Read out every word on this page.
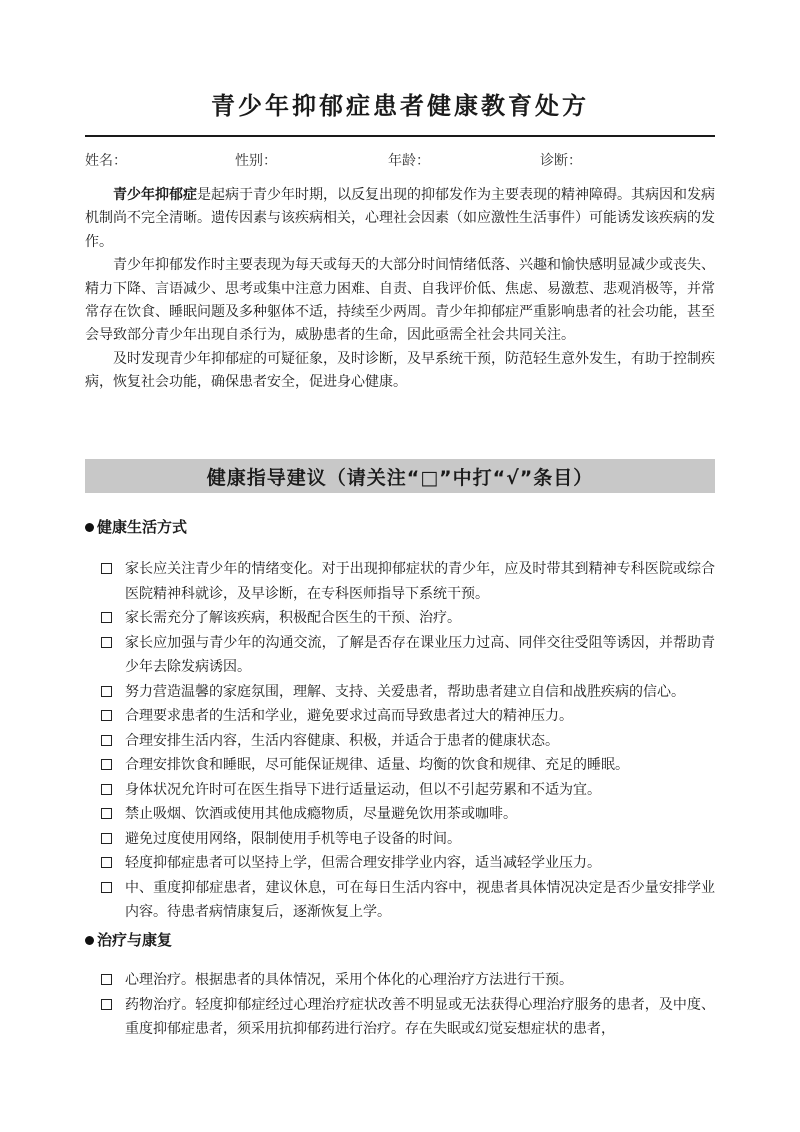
青少年抑郁症患者健康教育处方
姓名：	性别：	年龄：	诊断：

青少年抑郁症是起病于青少年时期，以反复出现的抑郁发作为主要表现的精神障碍。其病因和发病机制尚不完全清晰。遗传因素与该疾病相关，心理社会因素（如应激性生活事件）可能诱发该疾病的发作。

青少年抑郁发作时主要表现为每天或每天的大部分时间情绪低落、兴趣和愉快感明显减少或丧失、精力下降、言语减少、思考或集中注意力困难、自责、自我评价低、焦虑、易激惹、悲观消极等，并常常存在饮食、睡眠问题及多种躯体不适，持续至少两周。青少年抑郁症严重影响患者的社会功能，甚至会导致部分青少年出现自杀行为，威胁患者的生命，因此亟需全社会共同关注。

及时发现青少年抑郁症的可疑征象，及时诊断，及早系统干预，防范轻生意外发生，有助于控制疾病，恢复社会功能，确保患者安全，促进身心健康。

健康指导建议（请关注“□”中打“√”条目）
健康生活方式
家长应关注青少年的情绪变化。对于出现抑郁症状的青少年，应及时带其到精神专科医院或综合医院精神科就诊，及早诊断，在专科医师指导下系统干预。
家长需充分了解该疾病，积极配合医生的干预、治疗。
家长应加强与青少年的沟通交流，了解是否存在课业压力过高、同伴交往受阻等诱因，并帮助青少年去除发病诱因。
努力营造温馨的家庭氛围，理解、支持、关爱患者，帮助患者建立自信和战胜疾病的信心。
合理要求患者的生活和学业，避免要求过高而导致患者过大的精神压力。
合理安排生活内容，生活内容健康、积极，并适合于患者的健康状态。
合理安排饮食和睡眠，尽可能保证规律、适量、均衡的饮食和规律、充足的睡眠。
身体状况允许时可在医生指导下进行适量运动，但以不引起劳累和不适为宜。
禁止吸烟、饮酒或使用其他成瘾物质，尽量避免饮用茶或咖啡。
避免过度使用网络，限制使用手机等电子设备的时间。
轻度抑郁症患者可以坚持上学，但需合理安排学业内容，适当减轻学业压力。
中、重度抑郁症患者，建议休息，可在每日生活内容中，视患者具体情况决定是否少量安排学业内容。待患者病情康复后，逐渐恢复上学。
治疗与康复
心理治疗。根据患者的具体情况，采用个体化的心理治疗方法进行干预。
药物治疗。轻度抑郁症经过心理治疗症状改善不明显或无法获得心理治疗服务的患者，及中度、重度抑郁症患者，须采用抗抑郁药进行治疗。存在失眠或幻觉妄想症状的患者，
